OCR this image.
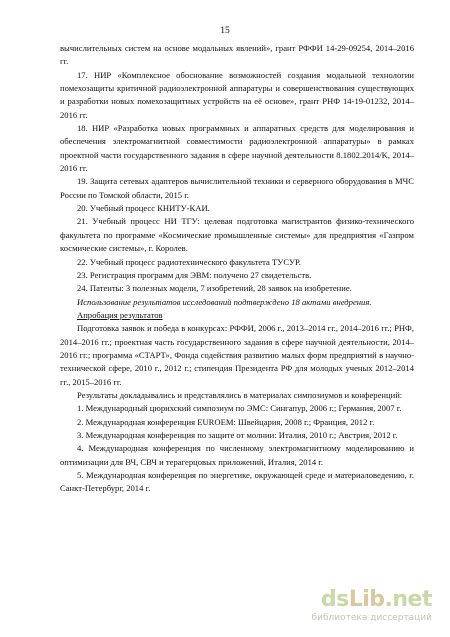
15

вычислительных систем на основе модальных явлений», грант РФФИ 14-29-09254, 2014–2016 гг.

17. НИР «Комплексное обоснование возможностей создания модальной технологии помехозащиты критичной радиоэлектронной аппаратуры и совершенствования существующих и разработки новых помехозащитных устройств на её основе», грант РНФ 14-19-01232, 2014–2016 гг.

18. НИР «Разработка новых программных и аппаратных средств для моделирования и обеспечения электромагнитной совместимости радиоэлектронной аппаратуры» в рамках проектной части государственного задания в сфере научной деятельности 8.1802.2014/K, 2014–2016 гг.

19. Защита сетевых адаптеров вычислительной техники и серверного оборудования в МЧС России по Томской области, 2015 г.

20. Учебный процесс КНИТУ-КАИ.

21. Учебный процесс НИ ТГУ: целевая подготовка магистрантов физико-технического факультета по программе «Космические промышленные системы» для предприятия «Газпром космические системы», г. Королев.

22. Учебный процесс радиотехнического факультета ТУСУР.

23. Регистрация программ для ЭВМ: получено 27 свидетельств.

24. Патенты: 3 полезных модели, 7 изобретений, 28 заявок на изобретение.

Использование результатов исследований подтверждено 18 актами внедрения.

Апробация результатов

Подготовка заявок и победа в конкурсах: РФФИ, 2006 г., 2013–2014 гг., 2014–2016 гг.; РНФ, 2014–2016 гг.; проектная часть государственного задания в сфере научной деятельности, 2014–2016 гг.; программа «СТАРТ», Фонда содействия развитию малых форм предприятий в научно-технической сфере, 2010 г., 2012 г.; стипендия Президента РФ для молодых ученых 2012–2014 гг., 2015–2016 гг.

Результаты докладывались и представлялись в материалах симпозиумов и конференций:

1. Международный цюрихский симпозиум по ЭМС: Сингапур, 2006 г.; Германия, 2007 г.

2. Международная конференция EUROEM: Швейцария, 2008 г.; Франция, 2012 г.

3. Международная конференция по защите от молнии: Италия, 2010 г.; Австрия, 2012 г.

4. Международная конференция по численному электромагнитному моделированию и оптимизации для ВЧ, СВЧ и терагерцовых приложений, Италия, 2014 г.

5. Международная конференция по энергетике, окружающей среде и материаловедению, г. Санкт-Петербург, 2014 г.

dsLib.net
библиотека диссертаций
